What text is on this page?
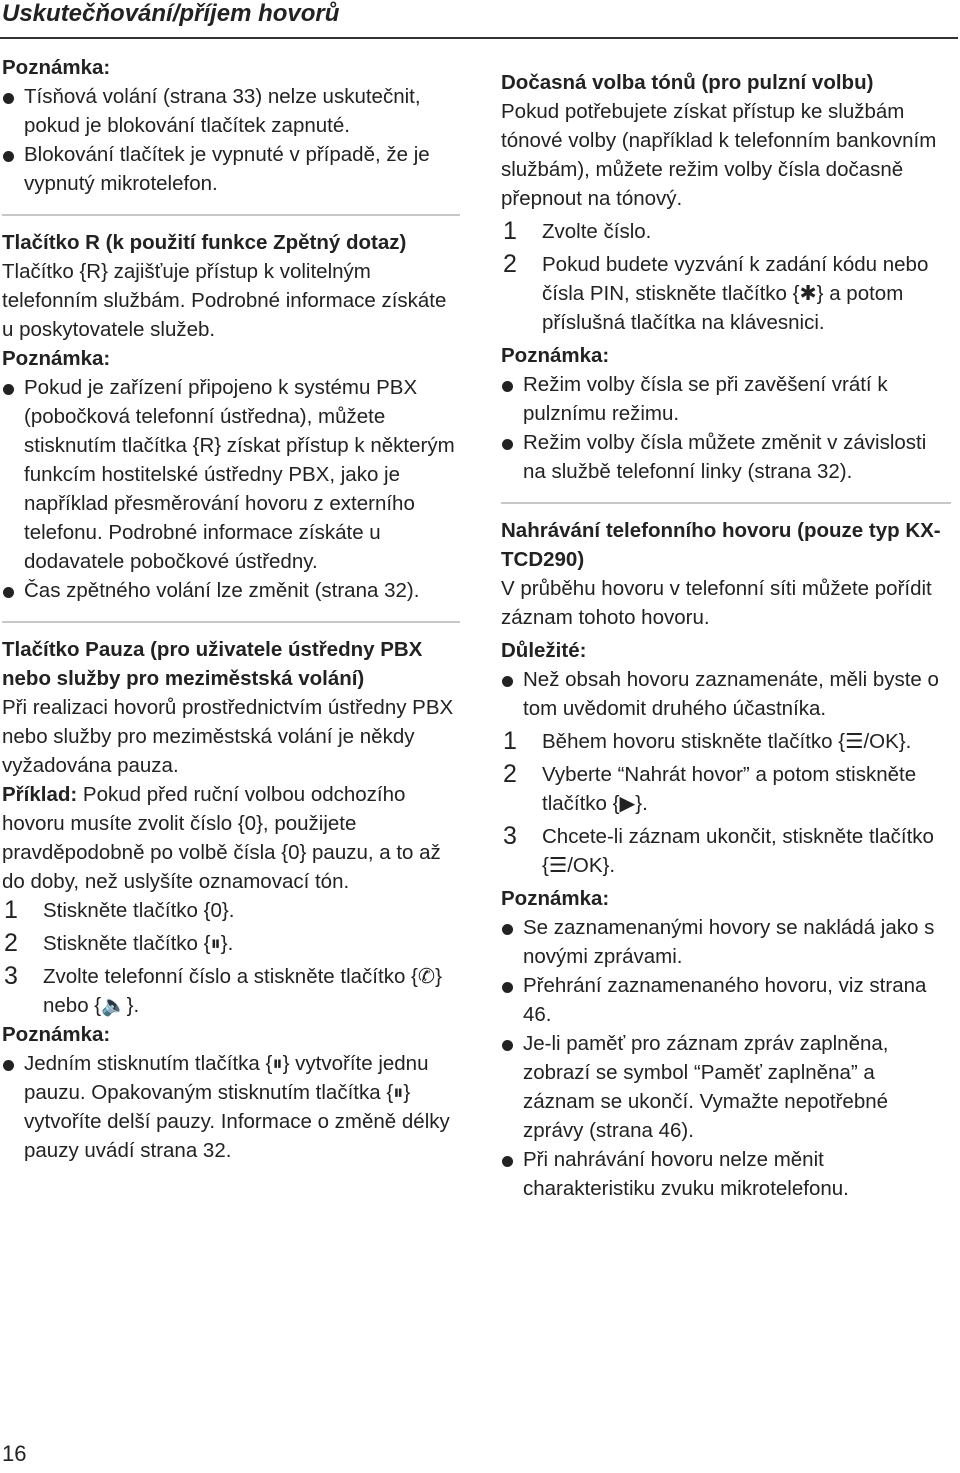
Uskutečňování/příjem hovorů

Poznámka:

Tísňová volání (strana 33) nelze uskutečnit, pokud je blokování tlačítek zapnuté.

Blokování tlačítek je vypnuté v případě, že je vypnutý mikrotelefon.

Tlačítko R (k použití funkce Zpětný dotaz)

Tlačítko {R} zajišťuje přístup k volitelným telefonním službám. Podrobné informace získáte u poskytovatele služeb.

Poznámka:

Pokud je zařízení připojeno k systému PBX (pobočková telefonní ústředna), můžete stisknutím tlačítka {R} získat přístup k některým funkcím hostitelské ústředny PBX, jako je například přesměrování hovoru z externího telefonu. Podrobné informace získáte u dodavatele pobočkové ústředny.

Čas zpětného volání lze změnit (strana 32).

Tlačítko Pauza (pro uživatele ústředny PBX nebo služby pro meziměstská volání)

Při realizaci hovorů prostřednictvím ústředny PBX nebo služby pro meziměstská volání je někdy vyžadována pauza.

Příklad: Pokud před ruční volbou odchozího hovoru musíte zvolit číslo {0}, použijete pravděpodobně po volbě čísla {0} pauzu, a to až do doby, než uslyšíte oznamovací tón.

1 Stiskněte tlačítko {0}.
2 Stiskněte tlačítko {⏸}.
3 Zvolte telefonní číslo a stiskněte tlačítko {✆} nebo {🔈}.

Poznámka:

Jedním stisknutím tlačítka {⏸} vytvoříte jednu pauzu. Opakovaným stisknutím tlačítka {⏸} vytvoříte delší pauzy. Informace o změně délky pauzy uvádí strana 32.

Dočasná volba tónů (pro pulzní volbu)

Pokud potřebujete získat přístup ke službám tónové volby (například k telefonním bankovním službám), můžete režim volby čísla dočasně přepnout na tónový.

1 Zvolte číslo.
2 Pokud budete vyzvání k zadání kódu nebo čísla PIN, stiskněte tlačítko {✱} a potom příslušná tlačítka na klávesnici.

Poznámka:

Režim volby čísla se při zavěšení vrátí k pulznímu režimu.

Režim volby čísla můžete změnit v závislosti na službě telefonní linky (strana 32).

Nahrávání telefonního hovoru (pouze typ KX-TCD290)

V průběhu hovoru v telefonní síti můžete pořídit záznam tohoto hovoru.

Důležité:

Než obsah hovoru zaznamenáte, měli byste o tom uvědomit druhého účastníka.

1 Během hovoru stiskněte tlačítko {☰/OK}.
2 Vyberte “Nahrát hovor” a potom stiskněte tlačítko {▶}.
3 Chcete-li záznam ukončit, stiskněte tlačítko {☰/OK}.

Poznámka:

Se zaznamenanými hovory se nakládá jako s novými zprávami.

Přehrání zaznamenaného hovoru, viz strana 46.

Je-li paměť pro záznam zpráv zaplněna, zobrazí se symbol “Paměť zaplněna” a záznam se ukončí. Vymažte nepotřebné zprávy (strana 46).

Při nahrávání hovoru nelze měnit charakteristiku zvuku mikrotelefonu.

16
